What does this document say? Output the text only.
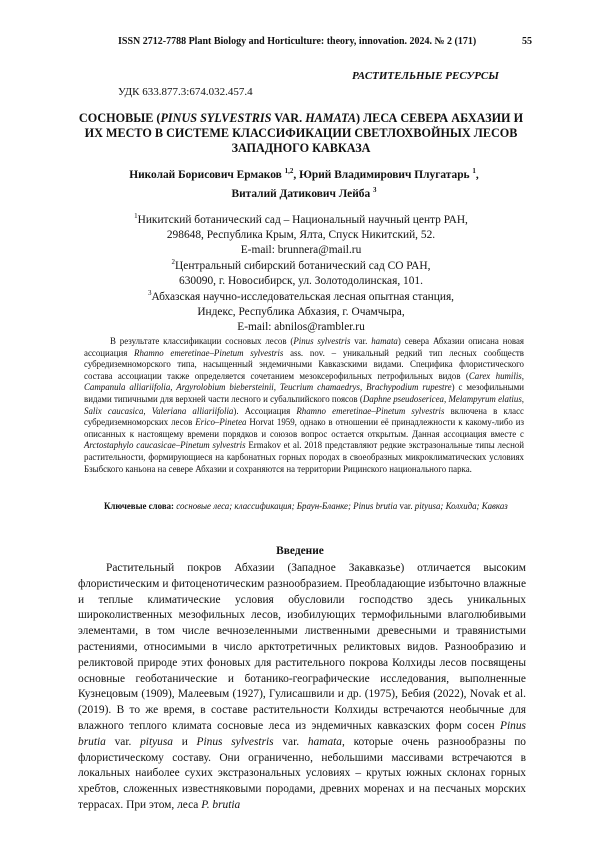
ISSN 2712-7788 Plant Biology and Horticulture: theory, innovation. 2024. № 2 (171)	55
РАСТИТЕЛЬНЫЕ РЕСУРСЫ
УДК 633.877.3:674.032.457.4
СОСНОВЫЕ (PINUS SYLVESTRIS VAR. HAMATA) ЛЕСА СЕВЕРА АБХАЗИИ И ИХ МЕСТО В СИСТЕМЕ КЛАССИФИКАЦИИ СВЕТЛОХВОЙНЫХ ЛЕСОВ ЗАПАДНОГО КАВКАЗА
Николай Борисович Ермаков $^{1,2}$, Юрий Владимирович Плугатарь $^1$,
Виталий Датикович Лейба $^3$
$^1$Никитский ботанический сад – Национальный научный центр РАН,
298648, Республика Крым, Ялта, Спуск Никитский, 52.
E-mail: brunnera@mail.ru
$^2$Центральный сибирский ботанический сад СО РАН,
630090, г. Новосибирск, ул. Золотодолинская, 101.
$^3$Абхазская научно-исследовательская лесная опытная станция,
Индекс, Республика Абхазия, г. Очамчыра,
E-mail: abnilos@rambler.ru
В результате классификации сосновых лесов (Pinus sylvestris var. hamata) севера Абхазии описана новая ассоциация Rhamno emeretinae–Pinetum sylvestris ass. nov. – уникальный редкий тип лесных сообществ субредиземноморского типа, насыщенный эндемичными Кавказскими видами. Специфика флористического состава ассоциации также определяется сочетанием мезоксерофильных петрофильных видов (Carex humilis, Campanula alliariifolia, Argyrolobium biebersteinii, Teucrium chamaedrys, Brachypodium rupestre) с мезофильными видами типичными для верхней части лесного и субальпийского поясов (Daphne pseudosericea, Melampyrum elatius, Salix caucasica, Valeriana alliariifolia). Ассоциация Rhamno emeretinae–Pinetum sylvestris включена в класс субредиземноморских лесов Erico–Pinetea Horvat 1959, однако в отношении её принадлежности к какому-либо из описанных к настоящему времени порядков и союзов вопрос остается открытым. Данная ассоциация вместе с Arctostaphylo caucasicae–Pinetum sylvestris Ermakov et al. 2018 представляют редкие экстразональные типы лесной растительности, формирующиеся на карбонатных горных породах в своеобразных микроклиматических условиях Бзыбского каньона на севере Абхазии и сохраняются на территории Рицинского национального парка.
Ключевые слова: сосновые леса; классификация; Браун-Бланке; Pinus brutia var. pityusa; Колхида; Кавказ
Введение
Растительный покров Абхазии (Западное Закавказье) отличается высоким флористическим и фитоценотическим разнообразием. Преобладающие избыточно влажные и теплые климатические условия обусловили господство здесь уникальных широколиственных мезофильных лесов, изобилующих термофильными влаголюбивыми элементами, в том числе вечнозеленными лиственными древесными и травянистыми растениями, относимыми в число арктотретичных реликтовых видов. Разнообразию и реликтовой природе этих фоновых для растительного покрова Колхиды лесов посвящены основные геоботанические и ботанико-географические исследования, выполненные Кузнецовым (1909), Малеевым (1927), Гулисашвили и др. (1975), Бебия (2022), Novak et al. (2019). В то же время, в составе растительности Колхиды встречаются необычные для влажного теплого климата сосновые леса из эндемичных кавказских форм сосен Pinus brutia var. pityusa и Pinus sylvestris var. hamata, которые очень разнообразны по флористическому составу. Они ограниченно, небольшими массивами встречаются в локальных наиболее сухих экстразональных условиях – крутых южных склонах горных хребтов, сложенных известняковыми породами, древних моренах и на песчаных морских террасах. При этом, леса P. brutia
